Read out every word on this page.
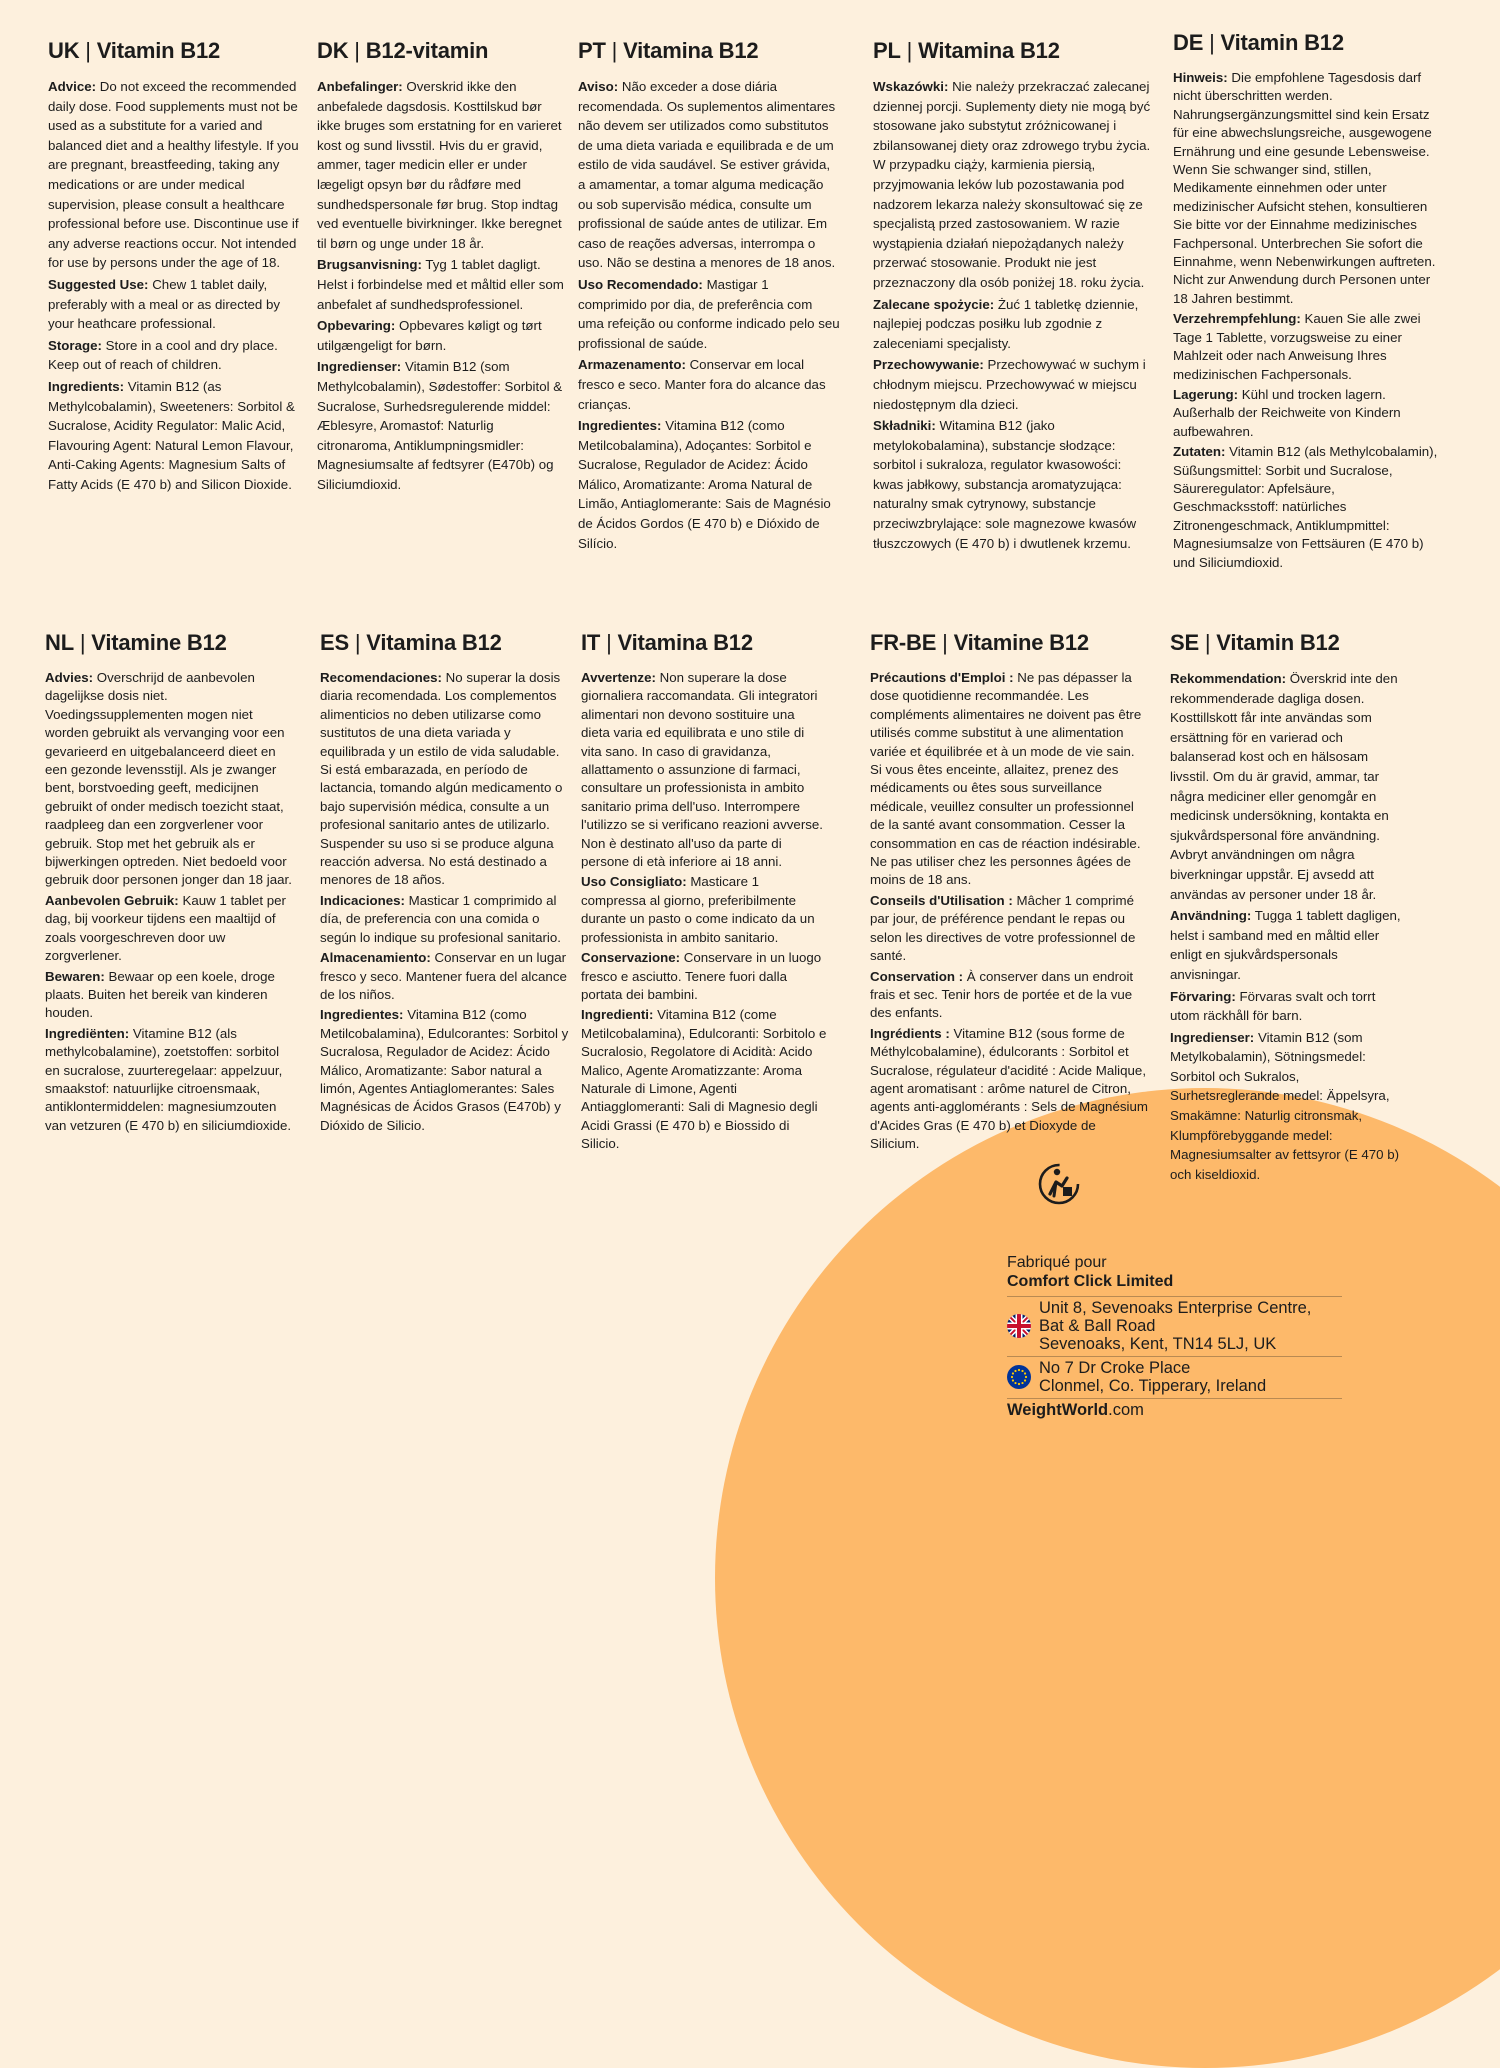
UK | Vitamin B12

Advice: Do not exceed the recommended daily dose. Food supplements must not be used as a substitute for a varied and balanced diet and a healthy lifestyle. If you are pregnant, breastfeeding, taking any medications or are under medical supervision, please consult a healthcare professional before use. Discontinue use if any adverse reactions occur. Not intended for use by persons under the age of 18.

Suggested Use: Chew 1 tablet daily, preferably with a meal or as directed by your heathcare professional.

Storage: Store in a cool and dry place. Keep out of reach of children.

Ingredients: Vitamin B12 (as Methylcobalamin), Sweeteners: Sorbitol & Sucralose, Acidity Regulator: Malic Acid, Flavouring Agent: Natural Lemon Flavour, Anti-Caking Agents: Magnesium Salts of Fatty Acids (E 470 b) and Silicon Dioxide.

DK | B12-vitamin

Anbefalinger: Overskrid ikke den anbefalede dagsdosis. Kosttilskud bør ikke bruges som erstatning for en varieret kost og sund livsstil. Hvis du er gravid, ammer, tager medicin eller er under lægeligt opsyn bør du rådføre med sundhedspersonale før brug. Stop indtag ved eventuelle bivirkninger. Ikke beregnet til børn og unge under 18 år.

Brugsanvisning: Tyg 1 tablet dagligt. Helst i forbindelse med et måltid eller som anbefalet af sundhedsprofessionel.

Opbevaring: Opbevares køligt og tørt utilgængeligt for børn.

Ingredienser: Vitamin B12 (som Methylcobalamin), Sødestoffer: Sorbitol & Sucralose, Surhedsregulerende middel: Æblesyre, Aromastof: Naturlig citronaroma, Antiklumpningsmidler: Magnesiumsalte af fedtsyrer (E470b) og Siliciumdioxid.

PT | Vitamina B12

Aviso: Não exceder a dose diária recomendada. Os suplementos alimentares não devem ser utilizados como substitutos de uma dieta variada e equilibrada e de um estilo de vida saudável. Se estiver grávida, a amamentar, a tomar alguma medicação ou sob supervisão médica, consulte um profissional de saúde antes de utilizar. Em caso de reações adversas, interrompa o uso. Não se destina a menores de 18 anos.

Uso Recomendado: Mastigar 1 comprimido por dia, de preferência com uma refeição ou conforme indicado pelo seu profissional de saúde.

Armazenamento: Conservar em local fresco e seco. Manter fora do alcance das crianças.

Ingredientes: Vitamina B12 (como Metilcobalamina), Adoçantes: Sorbitol e Sucralose, Regulador de Acidez: Ácido Málico, Aromatizante: Aroma Natural de Limão, Antiaglomerante: Sais de Magnésio de Ácidos Gordos (E 470 b) e Dióxido de Silício.

PL | Witamina B12

Wskazówki: Nie należy przekraczać zalecanej dziennej porcji. Suplementy diety nie mogą być stosowane jako substytut zróżnicowanej i zbilansowanej diety oraz zdrowego trybu życia. W przypadku ciąży, karmienia piersią, przyjmowania leków lub pozostawania pod nadzorem lekarza należy skonsultować się ze specjalistą przed zastosowaniem. W razie wystąpienia działań niepożądanych należy przerwać stosowanie. Produkt nie jest przeznaczony dla osób poniżej 18. roku życia.

Zalecane spożycie: Żuć 1 tabletkę dziennie, najlepiej podczas posiłku lub zgodnie z zaleceniami specjalisty.

Przechowywanie: Przechowywać w suchym i chłodnym miejscu. Przechowywać w miejscu niedostępnym dla dzieci.

Składniki: Witamina B12 (jako metylokobalamina), substancje słodzące: sorbitol i sukraloza, regulator kwasowości: kwas jabłkowy, substancja aromatyzująca: naturalny smak cytrynowy, substancje przeciwzbrylające: sole magnezowe kwasów tłuszczowych (E 470 b) i dwutlenek krzemu.

DE | Vitamin B12

Hinweis: Die empfohlene Tagesdosis darf nicht überschritten werden. Nahrungsergänzungsmittel sind kein Ersatz für eine abwechslungsreiche, ausgewogene Ernährung und eine gesunde Lebensweise. Wenn Sie schwanger sind, stillen, Medikamente einnehmen oder unter medizinischer Aufsicht stehen, konsultieren Sie bitte vor der Einnahme medizinisches Fachpersonal. Unterbrechen Sie sofort die Einnahme, wenn Nebenwirkungen auftreten. Nicht zur Anwendung durch Personen unter 18 Jahren bestimmt.

Verzehrempfehlung: Kauen Sie alle zwei Tage 1 Tablette, vorzugsweise zu einer Mahlzeit oder nach Anweisung Ihres medizinischen Fachpersonals.

Lagerung: Kühl und trocken lagern. Außerhalb der Reichweite von Kindern aufbewahren.

Zutaten: Vitamin B12 (als Methylcobalamin), Süßungsmittel: Sorbit und Sucralose, Säureregulator: Apfelsäure, Geschmacksstoff: natürliches Zitronengeschmack, Antiklumpmittel: Magnesiumsalze von Fettsäuren (E 470 b) und Siliciumdioxid.

NL | Vitamine B12

Advies: Overschrijd de aanbevolen dagelijkse dosis niet. Voedingssupplementen mogen niet worden gebruikt als vervanging voor een gevarieerd en uitgebalanceerd dieet en een gezonde levensstijl. Als je zwanger bent, borstvoeding geeft, medicijnen gebruikt of onder medisch toezicht staat, raadpleeg dan een zorgverlener voor gebruik. Stop met het gebruik als er bijwerkingen optreden. Niet bedoeld voor gebruik door personen jonger dan 18 jaar.

Aanbevolen Gebruik: Kauw 1 tablet per dag, bij voorkeur tijdens een maaltijd of zoals voorgeschreven door uw zorgverlener.

Bewaren: Bewaar op een koele, droge plaats. Buiten het bereik van kinderen houden.

Ingrediënten: Vitamine B12 (als methylcobalamine), zoetstoffen: sorbitol en sucralose, zuurteregelaar: appelzuur, smaakstof: natuurlijke citroensmaak, antiklontermiddelen: magnesiumzouten van vetzuren (E 470 b) en siliciumdioxide.

ES | Vitamina B12

Recomendaciones: No superar la dosis diaria recomendada. Los complementos alimenticios no deben utilizarse como sustitutos de una dieta variada y equilibrada y un estilo de vida saludable. Si está embarazada, en período de lactancia, tomando algún medicamento o bajo supervisión médica, consulte a un profesional sanitario antes de utilizarlo. Suspender su uso si se produce alguna reacción adversa. No está destinado a menores de 18 años.

Indicaciones: Masticar 1 comprimido al día, de preferencia con una comida o según lo indique su profesional sanitario.

Almacenamiento: Conservar en un lugar fresco y seco. Mantener fuera del alcance de los niños.

Ingredientes: Vitamina B12 (como Metilcobalamina), Edulcorantes: Sorbitol y Sucralosa, Regulador de Acidez: Ácido Málico, Aromatizante: Sabor natural a limón, Agentes Antiaglomerantes: Sales Magnésicas de Ácidos Grasos (E470b) y Dióxido de Silicio.

IT | Vitamina B12

Avvertenze: Non superare la dose giornaliera raccomandata. Gli integratori alimentari non devono sostituire una dieta varia ed equilibrata e uno stile di vita sano. In caso di gravidanza, allattamento o assunzione di farmaci, consultare un professionista in ambito sanitario prima dell'uso. Interrompere l'utilizzo se si verificano reazioni avverse. Non è destinato all'uso da parte di persone di età inferiore ai 18 anni.

Uso Consigliato: Masticare 1 compressa al giorno, preferibilmente durante un pasto o come indicato da un professionista in ambito sanitario.

Conservazione: Conservare in un luogo fresco e asciutto. Tenere fuori dalla portata dei bambini.

Ingredienti: Vitamina B12 (come Metilcobalamina), Edulcoranti: Sorbitolo e Sucralosio, Regolatore di Acidità: Acido Malico, Agente Aromatizzante: Aroma Naturale di Limone, Agenti Antiagglomeranti: Sali di Magnesio degli Acidi Grassi (E 470 b) e Biossido di Silicio.

FR-BE | Vitamine B12

Précautions d'Emploi : Ne pas dépasser la dose quotidienne recommandée. Les compléments alimentaires ne doivent pas être utilisés comme substitut à une alimentation variée et équilibrée et à un mode de vie sain. Si vous êtes enceinte, allaitez, prenez des médicaments ou êtes sous surveillance médicale, veuillez consulter un professionnel de la santé avant consommation. Cesser la consommation en cas de réaction indésirable. Ne pas utiliser chez les personnes âgées de moins de 18 ans.

Conseils d'Utilisation : Mâcher 1 comprimé par jour, de préférence pendant le repas ou selon les directives de votre professionnel de santé.

Conservation : À conserver dans un endroit frais et sec. Tenir hors de portée et de la vue des enfants.

Ingrédients : Vitamine B12 (sous forme de Méthylcobalamine), édulcorants : Sorbitol et Sucralose, régulateur d'acidité : Acide Malique, agent aromatisant : arôme naturel de Citron, agents anti-agglomérants : Sels de Magnésium d'Acides Gras (E 470 b) et Dioxyde de Silicium.

SE | Vitamin B12

Rekommendation: Överskrid inte den rekommenderade dagliga dosen. Kosttillskott får inte användas som ersättning för en varierad och balanserad kost och en hälsosam livsstil. Om du är gravid, ammar, tar några mediciner eller genomgår en medicinsk undersökning, kontakta en sjukvårdspersonal före användning. Avbryt användningen om några biverkningar uppstår. Ej avsedd att användas av personer under 18 år.

Användning: Tugga 1 tablett dagligen, helst i samband med en måltid eller enligt en sjukvårdspersonals anvisningar.

Förvaring: Förvaras svalt och torrt utom räckhåll för barn.

Ingredienser: Vitamin B12 (som Metylkobalamin), Sötningsmedel: Sorbitol och Sukralos, Surhetsreglerande medel: Äppelsyra, Smakämne: Naturlig citronsmak, Klumpförebyggande medel: Magnesiumsalter av fettsyror (E 470 b) och kiseldioxid.

Fabriqué pour
Comfort Click Limited
Unit 8, Sevenoaks Enterprise Centre,
Bat & Ball Road
Sevenoaks, Kent, TN14 5LJ, UK
No 7 Dr Croke Place
Clonmel, Co. Tipperary, Ireland
WeightWorld.com
